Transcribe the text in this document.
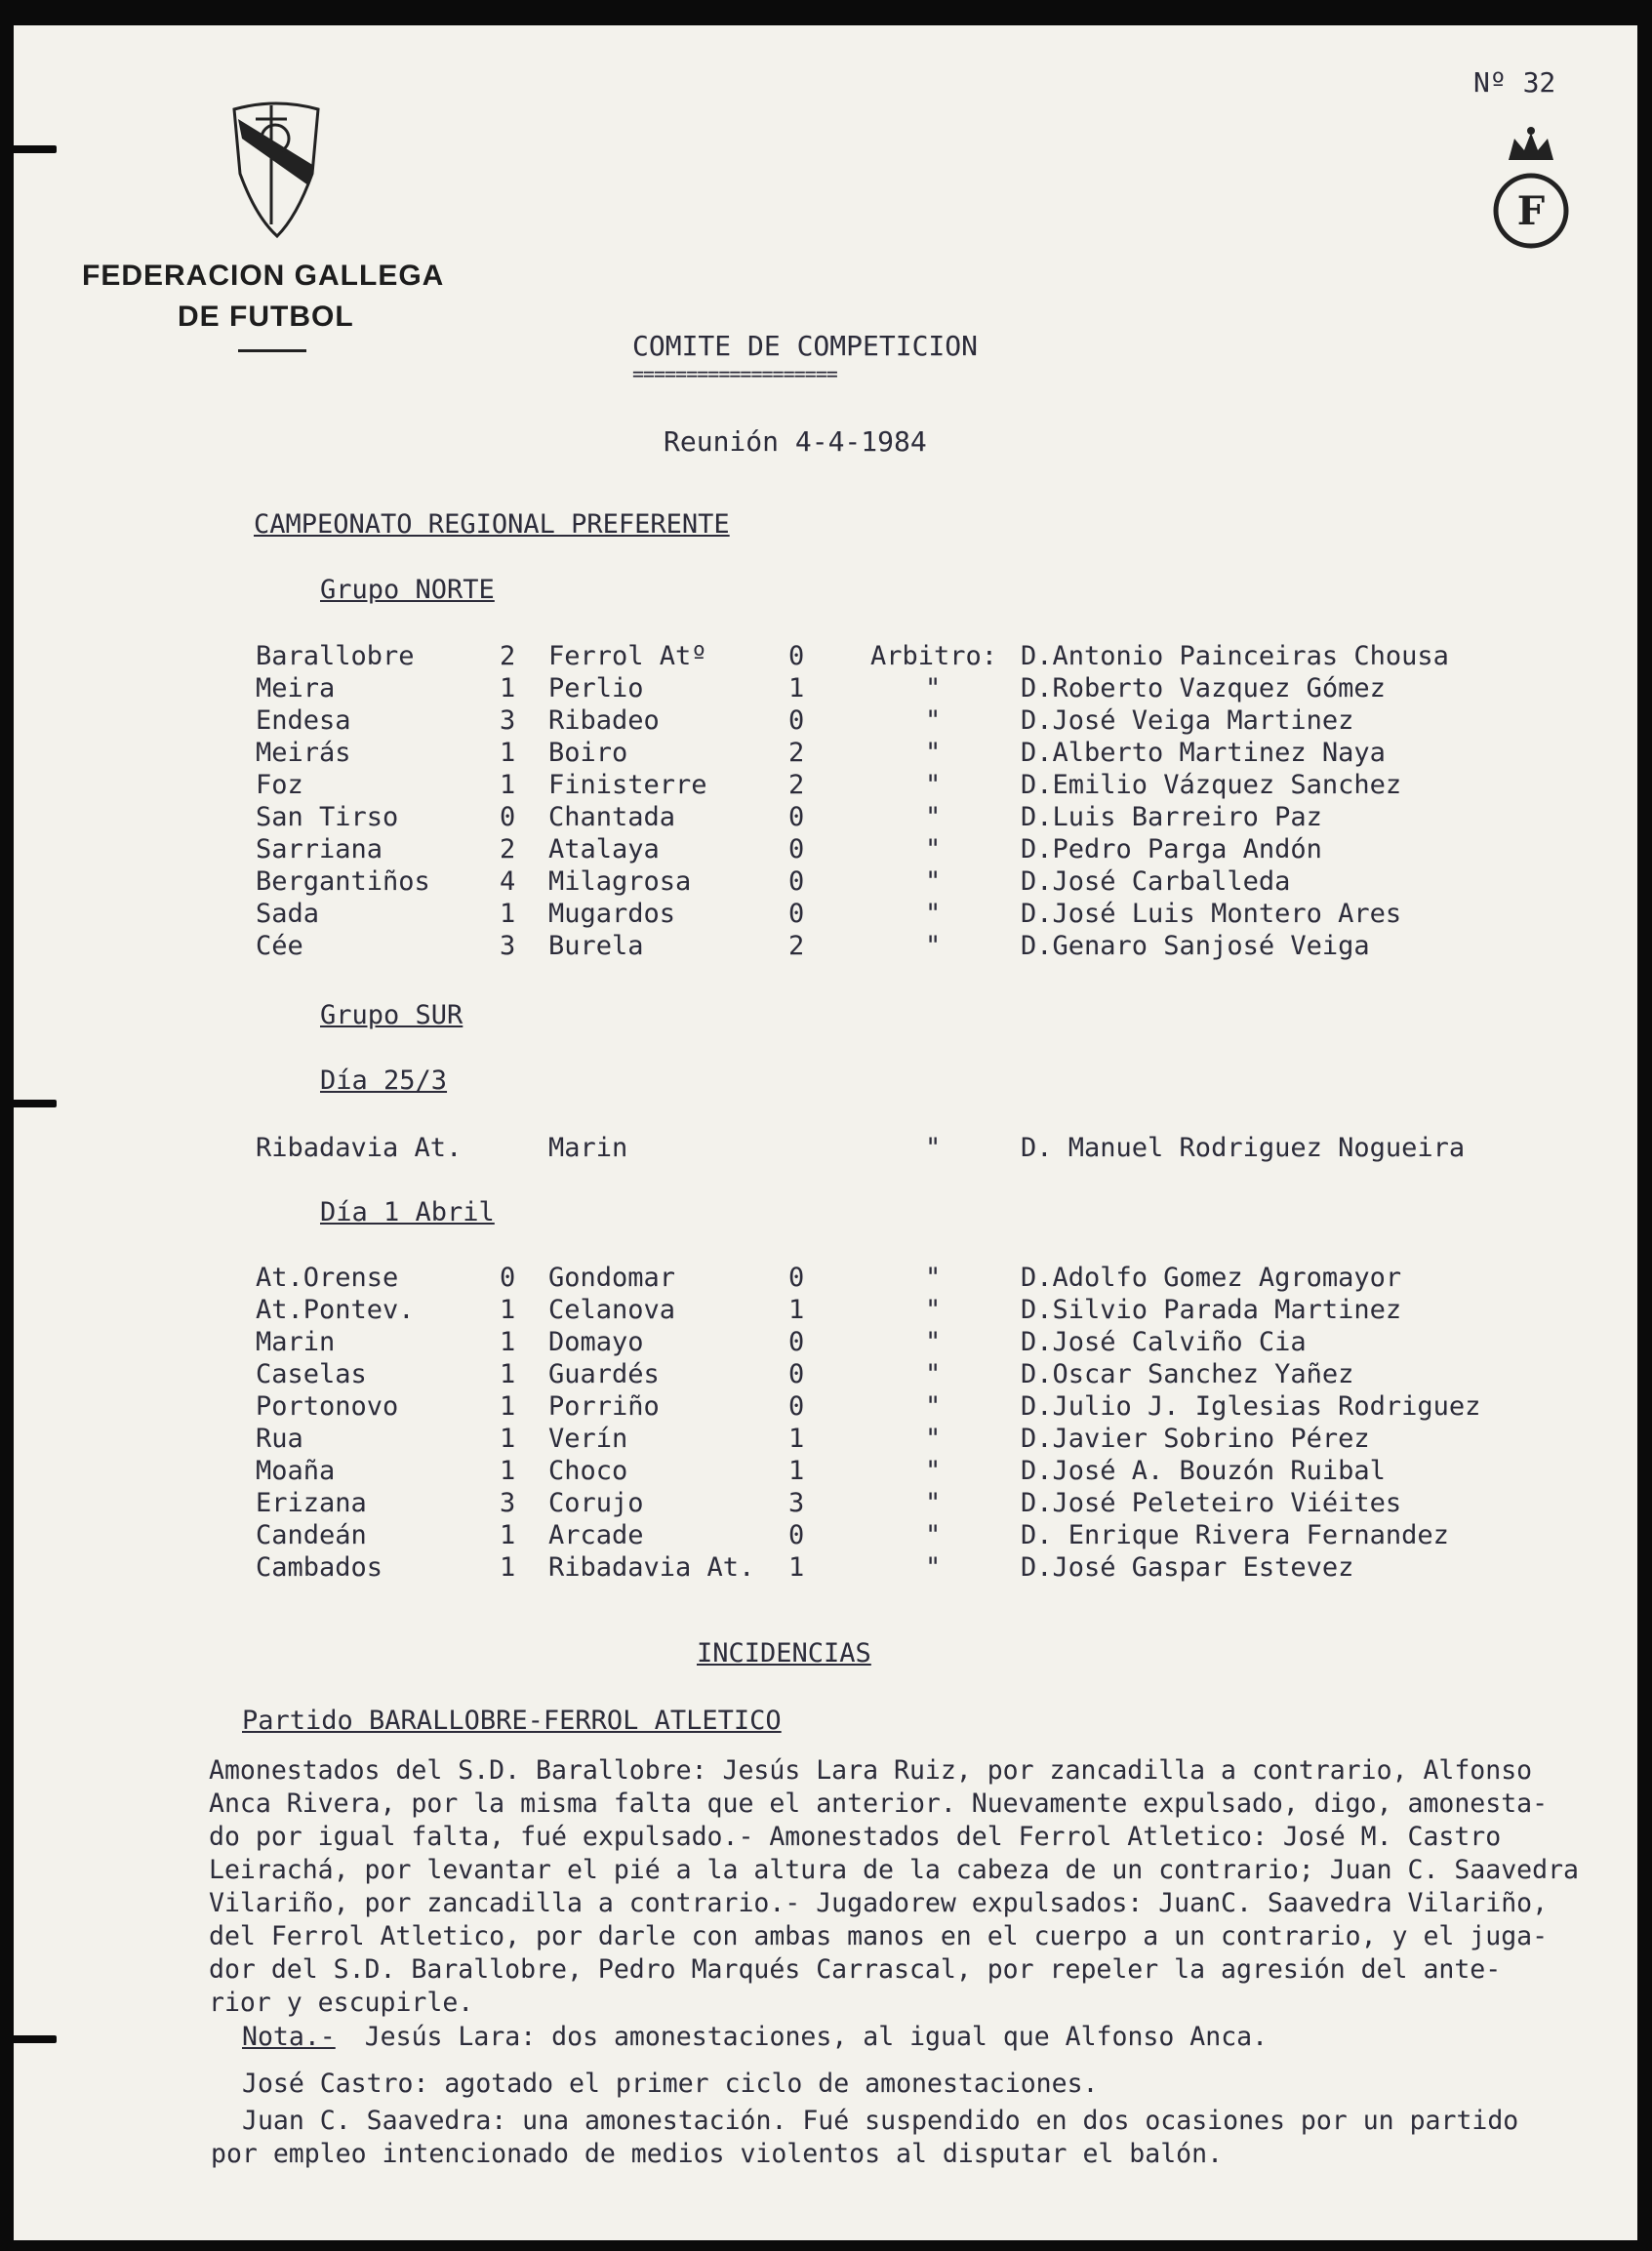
Nº 32
FEDERACION GALLEGA
DE FUTBOL
F
COMITE DE COMPETICION
===================
Reunión 4-4-1984
CAMPEONATO REGIONAL PREFERENTE
Grupo NORTE
Barallobre	2 Ferrol Atº	0	Arbitro: D.Antonio Painceiras Chousa
Meira	1 Perlio	1	"	D.Roberto Vazquez Gómez
Endesa	3 Ribadeo	0	"	D.José Veiga Martinez
Meirás	1 Boiro	2	"	D.Alberto Martinez Naya
Foz	1 Finisterre	2	"	D.Emilio Vázquez Sanchez
San Tirso	0 Chantada	0	"	D.Luis Barreiro Paz
Sarriana	2 Atalaya	0	"	D.Pedro Parga Andón
Bergantiños	4 Milagrosa	0	"	D.José Carballeda
Sada	1 Mugardos	0	"	D.José Luis Montero Ares
Cée	3 Burela	2	"	D.Genaro Sanjosé Veiga
Grupo SUR
Día 25/3
Ribadavia At.	Marin	"	D. Manuel Rodriguez Nogueira
Día 1 Abril
At.Orense	0 Gondomar	0	"	D.Adolfo Gomez Agromayor
At.Pontev.	1 Celanova	1	"	D.Silvio Parada Martinez
Marin	1 Domayo	0	"	D.José Calviño Cia
Caselas	1 Guardés	0	"	D.Oscar Sanchez Yañez
Portonovo	1 Porriño	0	"	D.Julio J. Iglesias Rodriguez
Rua	1 Verín	1	"	D.Javier Sobrino Pérez
Moaña	1 Choco	1	"	D.José A. Bouzón Ruibal
Erizana	3 Corujo	3	"	D.José Peleteiro Viéites
Candeán	1 Arcade	0	"	D. Enrique Rivera Fernandez
Cambados	1 Ribadavia At. 1	"	D.José Gaspar Estevez
INCIDENCIAS
Partido BARALLOBRE-FERROL ATLETICO
Amonestados del S.D. Barallobre: Jesús Lara Ruiz, por zancadilla a contrario, Alfonso
Anca Rivera, por la misma falta que el anterior. Nuevamente expulsado, digo, amonesta-
do por igual falta, fué expulsado.- Amonestados del Ferrol Atletico: José M. Castro
Leirachá, por levantar el pié a la altura de la cabeza de un contrario; Juan C. Saavedra
Vilariño, por zancadilla a contrario.- Jugadorew expulsados: JuanC. Saavedra Vilariño,
del Ferrol Atletico, por darle con ambas manos en el cuerpo a un contrario, y el juga-
dor del S.D. Barallobre, Pedro Marqués Carrascal, por repeler la agresión del ante-
rior y escupirle.
Nota.- Jesús Lara: dos amonestaciones, al igual que Alfonso Anca.
José Castro: agotado el primer ciclo de amonestaciones.
Juan C. Saavedra: una amonestación. Fué suspendido en dos ocasiones por un partido
por empleo intencionado de medios violentos al disputar el balón.
